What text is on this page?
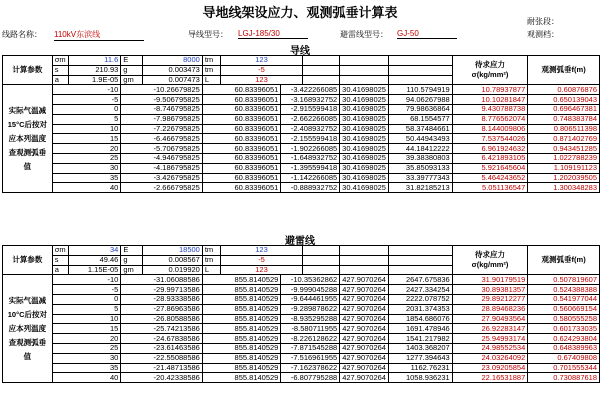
导地线架设应力、观测弧垂计算表
耐张段：
线路名称： 110kV东滨线	导线型号： LGJ-185/30	避雷线型号： GJ-50	观测档：
导线
计算参数	σm	11.6	E	8000	tm	123					待求应力
σ(kg/mm²)	观测弧垂f(m)
	s	210.93	g	0.003473	tm	-5						
	a	1.9E-05	gm	0.007473	L	123						
实际气温减15°C后按对应本列温度查观测弧垂值	-10		-10.26679825		60.83396051		-3.422266085		30.41698025	110.5794919	10.78937877	0.60876876
	-5		-9.506795825		60.83396051		-3.168932752		30.41698025	94.06267988	10.10281847	0.650139043
	0		-8.746795825		60.83396051		-2.915599418		30.41698025	79.98636864	9.430788738	0.696467381
	5		-7.986795825		60.83396051		-2.662266085		30.41698025	68.1554577	8.776562074	0.748383784
	10		-7.226795825		60.83396051		-2.408932752		30.41698025	58.37484661	8.144009806	0.806511398
	15		-6.466795825		60.83396051		-2.155599418		30.41698025	50.44943493	7.537544026	0.871402769
	20		-5.706795825		60.83396051		-1.902266085		30.41698025	44.18412222	6.961924632	0.943451285
	25		-4.946795825		60.83396051		-1.648932752		30.41698025	39.38380803	6.421893105	1.022788239
	30		-4.186795825		60.83396051		-1.395599418		30.41698025	35.85093133	5.921645604	1.109191123
	35		-3.426795825		60.83396051		-1.142266085		30.41698025	33.39777343	5.464243652	1.202039505
	40		-2.666795825		60.83396051		-0.888932752		30.41698025	31.82185213	5.051136547	1.300348283
避雷线
计算参数	σm	34	E	18500	tm	123					待求应力
σ(kg/mm²)	观测弧垂f(m)
	s	49.46	g	0.008567	tm	-5						
	a	1.15E-05	gm	0.019920	L	123						
实际气温减10°C后按对应本列温度查观测弧垂值	-10		-31.06088586		855.8140529		-10.35362862		427.9070264	2647.675836	31.90179519	0.507819607
	-5		-29.99713586		855.8140529		-9.999045288		427.9070264	2427.334254	30.89381357	0.524388388
	0		-28.93338586		855.8140529		-9.644461955		427.9070264	2222.078752	29.89212277	0.541977044
	5		-27.86963586		855.8140529		-9.289878622		427.9070264	2031.374353	28.89468236	0.560669154
	10		-26.80588586		855.8140529		-8.935295288		427.9070264	1854.686076	27.90493564	0.580555258
	15		-25.74213586		855.8140529		-8.580711955		427.9070264	1691.478946	26.92283147	0.601733035
	20		-24.67838586		855.8140529		-8.226128622		427.9070264	1541.217982	25.94993174	0.624293804
	25		-23.61463586		855.8140529		-7.871545288		427.9070264	1403.368207	24.98552534	0.648389963
	30		-22.55088586		855.8140529		-7.516961955		427.9070264	1277.394643	24.03264092	0.67409808
	35		-21.48713586		855.8140529		-7.162378622		427.9070264	1162.76231	23.09205854	0.701555344
	40		-20.42338586		855.8140529		-6.807795288		427.9070264	1058.936231	22.16531887	0.730887618
